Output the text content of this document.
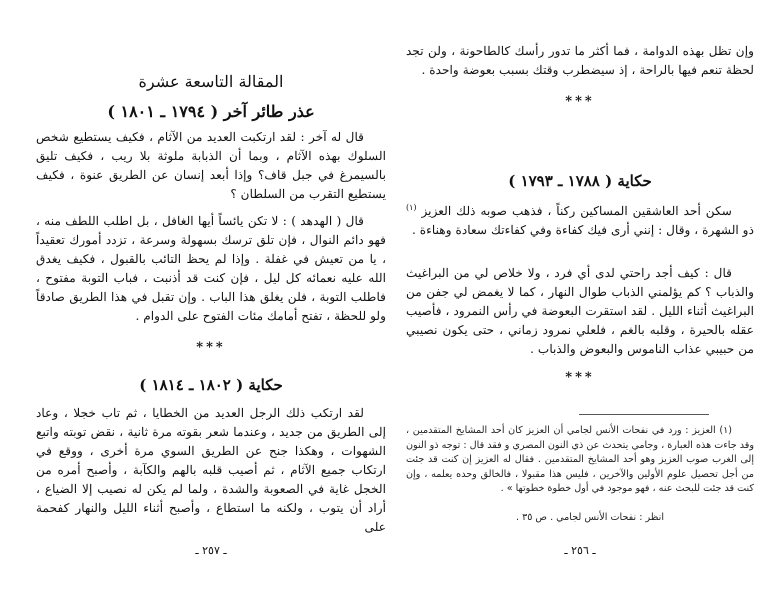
المقالة التاسعة عشرة
عذر طائر آخر ( ١٧٩٤ ـ ١٨٠١ )

قال له آخر : لقد ارتكبت العديد من الآثام ، فكيف يستطيع شخص السلوك بهذه الآثام ، وبما أن الذبابة ملوثة بلا ريب ، فكيف تليق بالسيمرغ في جبل قاف؟ وإذا أبعد إنسان عن الطريق عنوة ، فكيف يستطيع التقرب من السلطان ؟

قال ( الهدهد ) : لا تكن يائساً أيها الغافل ، بل اطلب اللطف منه ، فهو دائم النوال ، فإن تلق ترسك بسهولة وسرعة ، تزدد أمورك تعقيداً ، يا من تعيش في غفلة . وإذا لم يحظ التائب بالقبول ، فكيف يغدق الله عليه نعمائه كل ليل ، فإن كنت قد أذنبت ، فباب التوبة مفتوح ، فاطلب التوبة ، فلن يغلق هذا الباب . وإن تقبل في هذا الطريق صادقاً ولو للحظة ، تفتح أمامك مئات الفتوح على الدوام .

***
حكاية ( ١٨٠٢ ـ ١٨١٤ )

لقد ارتكب ذلك الرجل العديد من الخطايا ، ثم تاب خجلا ، وعاد إلى الطريق من جديد ، وعندما شعر بقوته مرة ثانية ، نقض توبته واتبع الشهوات ، وهكذا جنح عن الطريق السوي مرة أخرى ، ووقع في ارتكاب جميع الآثام ، ثم أصيب قلبه بالهم والكآبة ، وأصبح أمره من الخجل غاية في الصعوبة والشدة ، ولما لم يكن له نصيب إلا الضياع ، أراد أن يتوب ، ولكنه ما استطاع ، وأصبح أثناء الليل والنهار كفحمة على

ـ ٢٥٧ ـ

وإن تظل بهذه الدوامة ، فما أكثر ما تدور رأسك كالطاحونة ، ولن تجد لحظة تنعم فيها بالراحة ، إذ سيضطرب وقتك بسبب بعوضة واحدة .

***
حكاية ( ١٧٨٨ ـ ١٧٩٣ )

سكن أحد العاشقين المساكين ركناً ، فذهب صوبه ذلك العزيز $^{(١)}$ ذو الشهرة ، وقال : إنني أرى فيك كفاءة وفي كفاءتك سعادة وهناءة .

قال : كيف أجد راحتي لدى أي فرد ، ولا خلاص لي من البراغيث والذباب ؟ كم يؤلمني الذباب طوال النهار ، كما لا يغمض لي جفن من البراغيث أثناء الليل . لقد استقرت البعوضة في رأس النمرود ، فأصيب عقله بالحيرة ، وقلبه بالغم ، فلعلي نمرود زماني ، حتى يكون نصيبي من حبيبي عذاب الناموس والبعوض والذباب .

***

(١) العزيز : ورد في نفحات الأنس لجامي أن العزيز كان أحد المشايخ المتقدمين ، وقد جاءت هذه العبارة ، وجامي يتحدث عن ذي النون المصري و فقد قال : توجه ذو النون إلى الغرب صوب العزيز وهو أحد المشايخ المتقدمين . فقال له العزيز إن كنت قد جئت من أجل تحصيل علوم الأولين والآخرين ، فليس هذا مقبولا ، فالخالق وحده يعلمه ، وإن كنت قد جئت للبحث عنه ، فهو موجود في أول خطوة خطوتها » .

انظر : نفحات الأنس لجامي . ص ٣٥ .
ـ ٢٥٦ ـ
